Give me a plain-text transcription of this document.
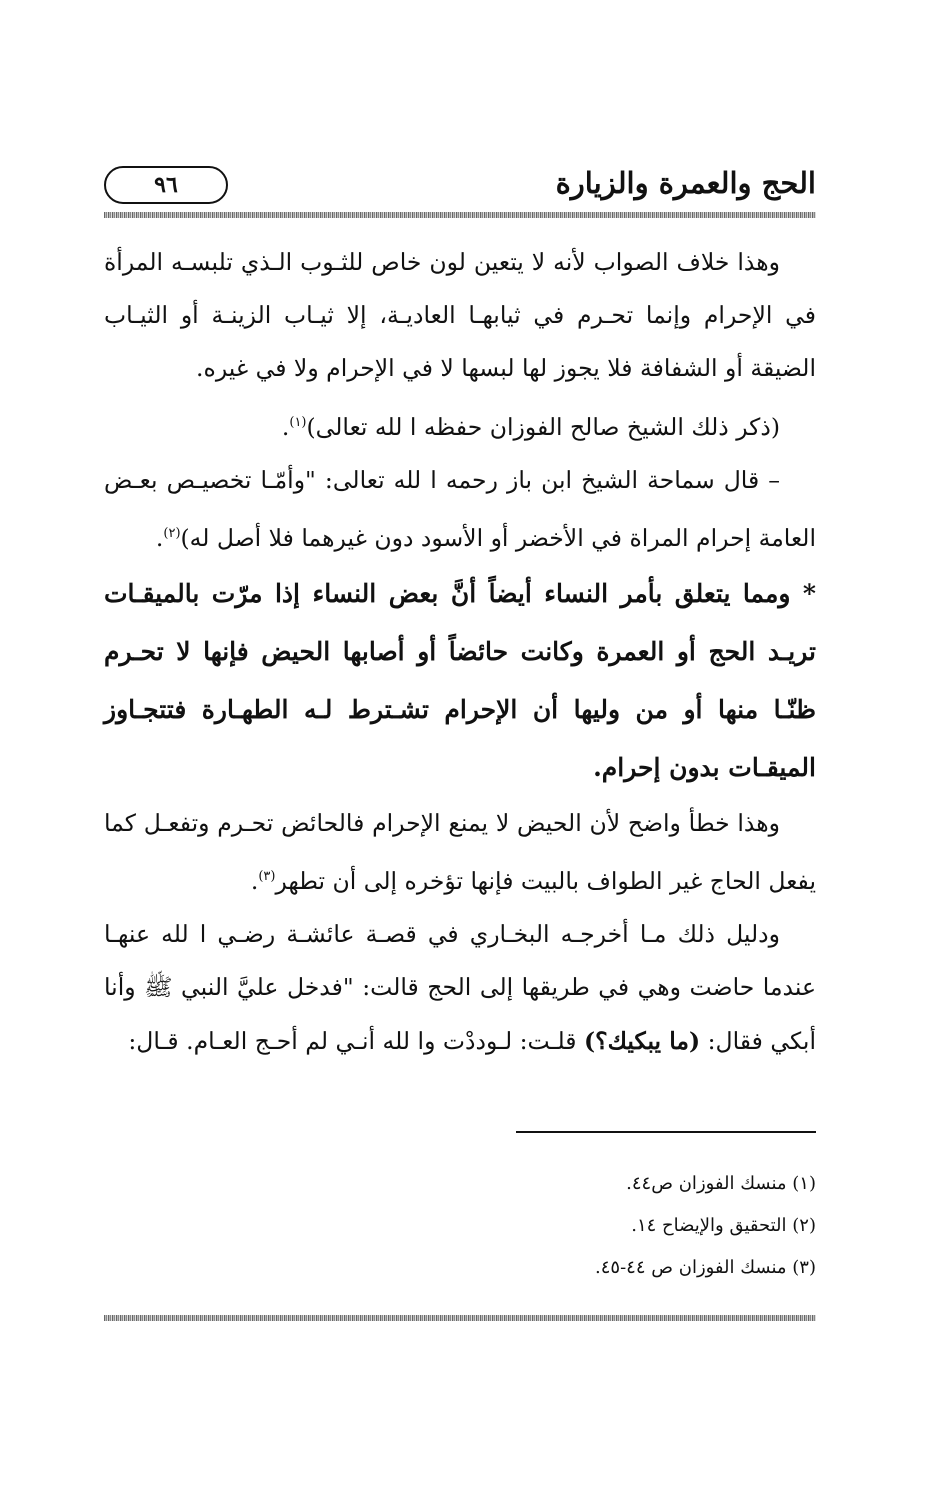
الحج والعمرة والزيارة
٩٦

وهذا خلاف الصواب لأنه لا يتعين لون خاص للثـوب الـذي تلبسـه المرأة في الإحرام وإنما تحـرم في ثيابهـا العاديـة، إلا ثيـاب الزينـة أو الثيـاب الضيقة أو الشفافة فلا يجوز لها لبسها لا في الإحرام ولا في غيره.

(ذكر ذلك الشيخ صالح الفوزان حفظه ا لله تعالى)$^{(١)}$.

– قال سماحة الشيخ ابن باز رحمه ا لله تعالى: "وأمّـا تخصيـص بعـض العامة إحرام المراة في الأخضر أو الأسود دون غيرهما فلا أصل له)$^{(٢)}$.

* ومما يتعلق بأمر النساء أيضاً أنَّ بعض النساء إذا مرّت بالميقـات تريـد الحج أو العمرة وكانت حائضاً أو أصابها الحيض فإنها لا تحـرم ظنّـا منها أو من وليها أن الإحرام تشـترط لـه الطهـارة فتتجـاوز الميقـات بدون إحرام.

وهذا خطأ واضح لأن الحيض لا يمنع الإحرام فالحائض تحـرم وتفعـل كما يفعل الحاج غير الطواف بالبيت فإنها تؤخره إلى أن تطهر$^{(٣)}$.

ودليل ذلك مـا أخرجـه البخـاري في قصـة عائشـة رضـي ا لله عنهـا عندما حاضت وهي في طريقها إلى الحج قالت: "فدخل عليَّ النبي ﷺ وأنا أبكي فقال: (ما يبكيك؟) قلـت: لـوددْت وا لله أنـي لم أحـج العـام. قـال:

(١) منسك الفوزان ص٤٤.
(٢) التحقيق والإيضاح ١٤.
(٣) منسك الفوزان ص ٤٤-٤٥.
